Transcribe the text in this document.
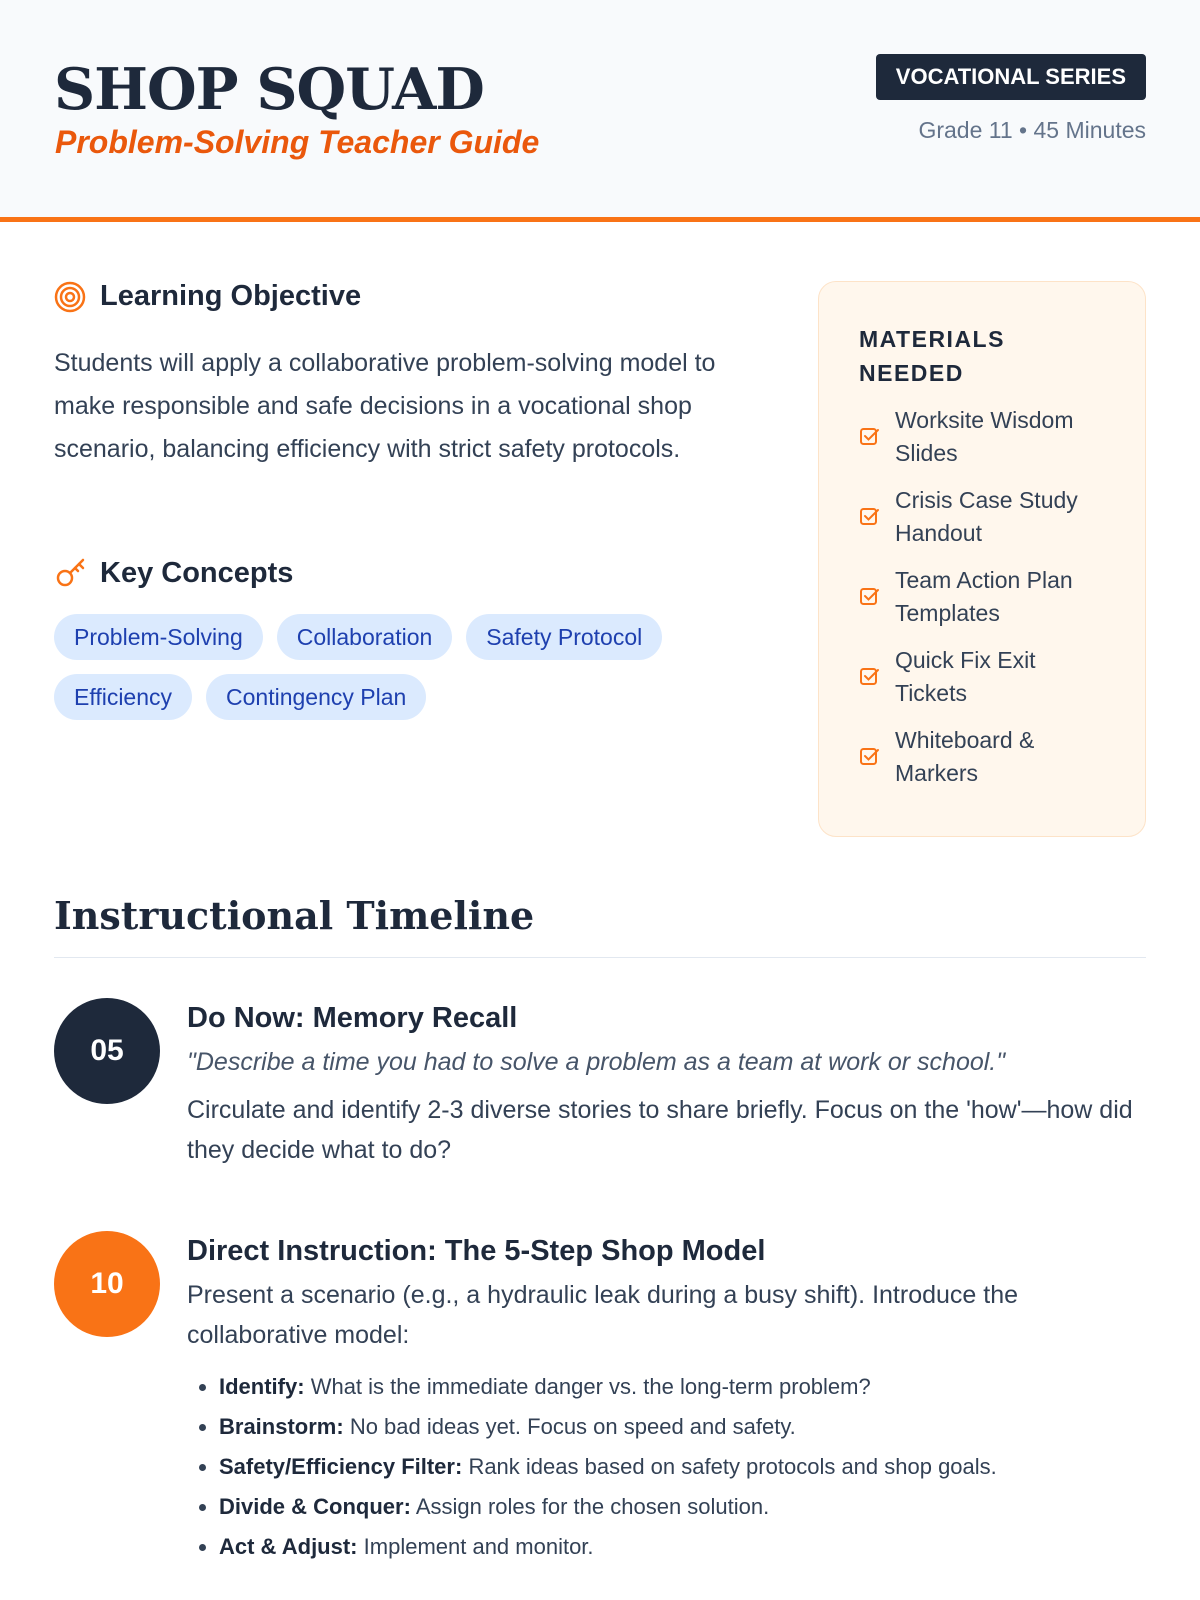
SHOP SQUAD
Problem-Solving Teacher Guide
VOCATIONAL SERIES
Grade 11 • 45 Minutes
Learning Objective
Students will apply a collaborative problem-solving model to make responsible and safe decisions in a vocational shop scenario, balancing efficiency with strict safety protocols.
Key Concepts
Problem-Solving	Collaboration	Safety Protocol
Efficiency	Contingency Plan
MATERIALS NEEDED
Worksite Wisdom Slides
Crisis Case Study Handout
Team Action Plan Templates
Quick Fix Exit Tickets
Whiteboard & Markers
Instructional Timeline
05
Do Now: Memory Recall
"Describe a time you had to solve a problem as a team at work or school."
Circulate and identify 2-3 diverse stories to share briefly. Focus on the 'how'—how did they decide what to do?
10
Direct Instruction: The 5-Step Shop Model
Present a scenario (e.g., a hydraulic leak during a busy shift). Introduce the collaborative model:
• Identify: What is the immediate danger vs. the long-term problem?
• Brainstorm: No bad ideas yet. Focus on speed and safety.
• Safety/Efficiency Filter: Rank ideas based on safety protocols and shop goals.
• Divide & Conquer: Assign roles for the chosen solution.
• Act & Adjust: Implement and monitor.
